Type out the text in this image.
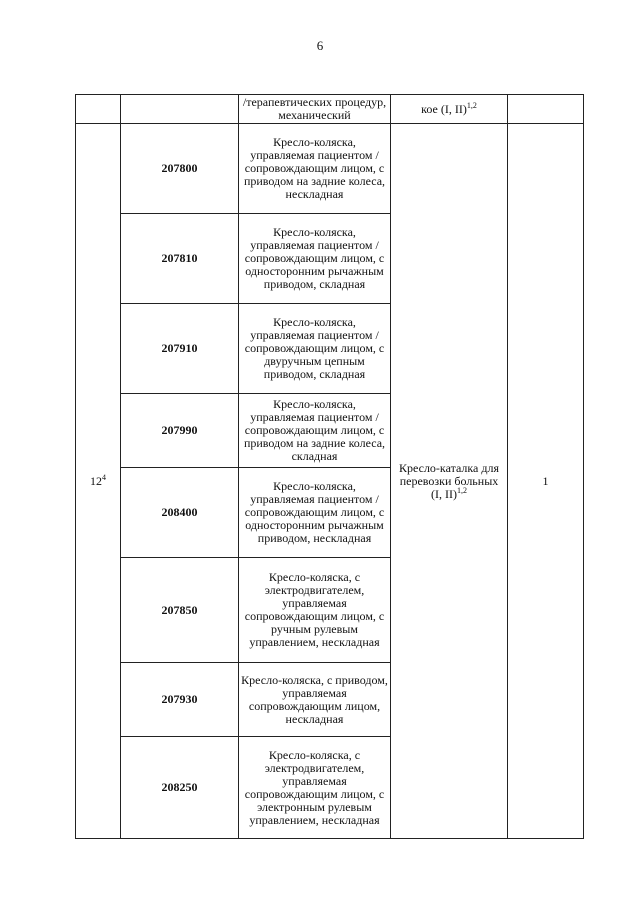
6
		/терапевтических процедур, механический	кое (I, II)$^{1,2}$	
$12^4$	207800	Кресло-коляска, управляемая пациентом /сопровождающим лицом, с приводом на задние колеса, нескладная	Кресло-каталка для перевозки больных (I, II)$^{1,2}$	1
	207810	Кресло-коляска, управляемая пациентом /сопровождающим лицом, с односторонним рычажным приводом, складная		
	207910	Кресло-коляска, управляемая пациентом /сопровождающим лицом, с двуручным цепным приводом, складная		
	207990	Кресло-коляска, управляемая пациентом /сопровождающим лицом, с приводом на задние колеса, складная		
	208400	Кресло-коляска, управляемая пациентом /сопровождающим лицом, с односторонним рычажным приводом, нескладная		
	207850	Кресло-коляска, с электродвигателем, управляемая сопровождающим лицом, с ручным рулевым управлением, нескладная		
	207930	Кресло-коляска, с приводом, управляемая сопровождающим лицом, нескладная		
	208250	Кресло-коляска, с электродвигателем, управляемая сопровождающим лицом, с электронным рулевым управлением, нескладная		
